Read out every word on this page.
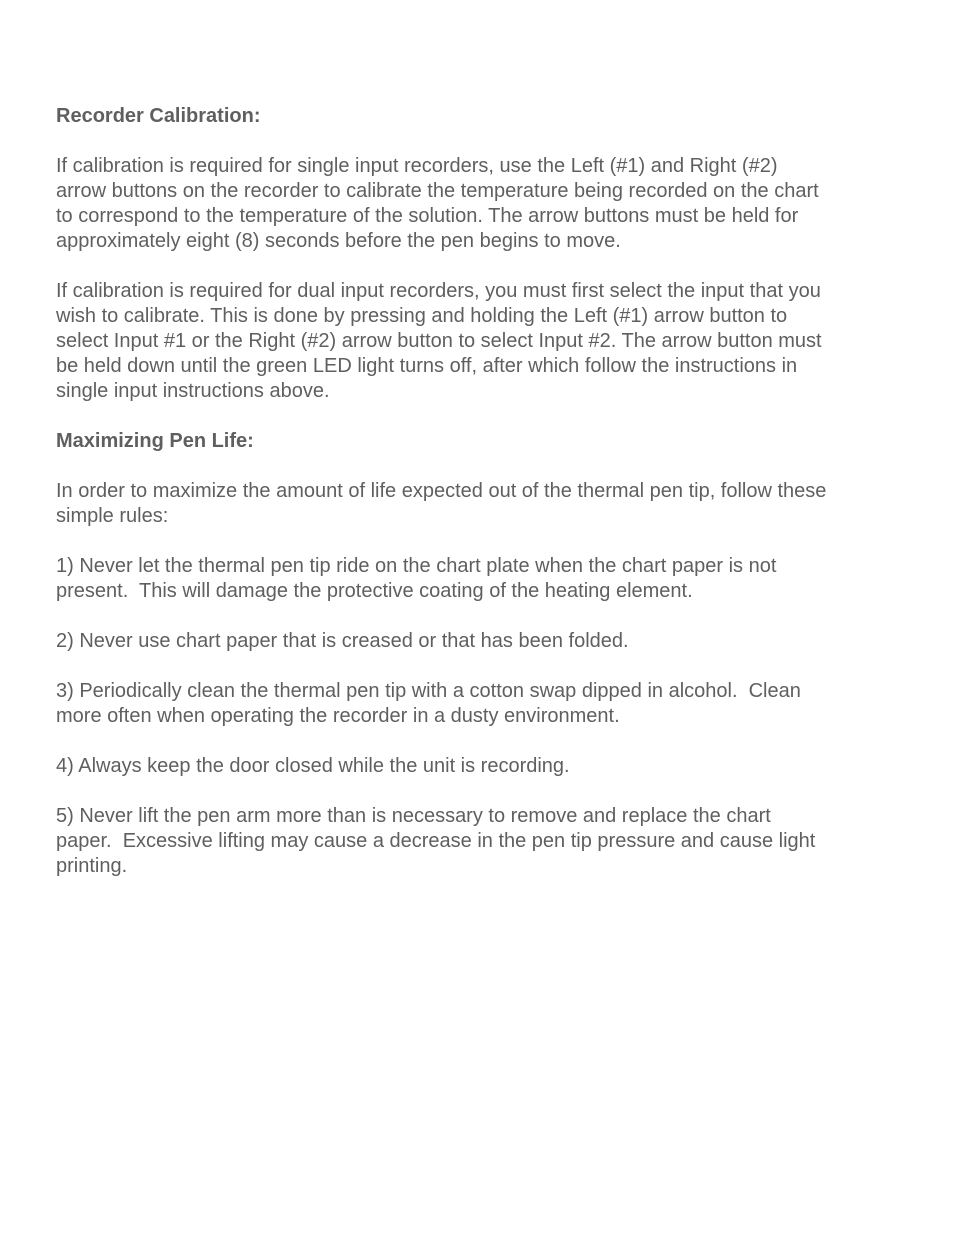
Recorder Calibration:
If calibration is required for single input recorders, use the Left (#1) and Right (#2)
arrow buttons on the recorder to calibrate the temperature being recorded on the chart
to correspond to the temperature of the solution. The arrow buttons must be held for
approximately eight (8) seconds before the pen begins to move.
If calibration is required for dual input recorders, you must first select the input that you
wish to calibrate. This is done by pressing and holding the Left (#1) arrow button to
select Input #1 or the Right (#2) arrow button to select Input #2. The arrow button must
be held down until the green LED light turns off, after which follow the instructions in
single input instructions above.
Maximizing Pen Life:
In order to maximize the amount of life expected out of the thermal pen tip, follow these
simple rules:
1) Never let the thermal pen tip ride on the chart plate when the chart paper is not
present.  This will damage the protective coating of the heating element.
2) Never use chart paper that is creased or that has been folded.
3) Periodically clean the thermal pen tip with a cotton swap dipped in alcohol.  Clean
more often when operating the recorder in a dusty environment.
4) Always keep the door closed while the unit is recording.
5) Never lift the pen arm more than is necessary to remove and replace the chart
paper.  Excessive lifting may cause a decrease in the pen tip pressure and cause light
printing.
